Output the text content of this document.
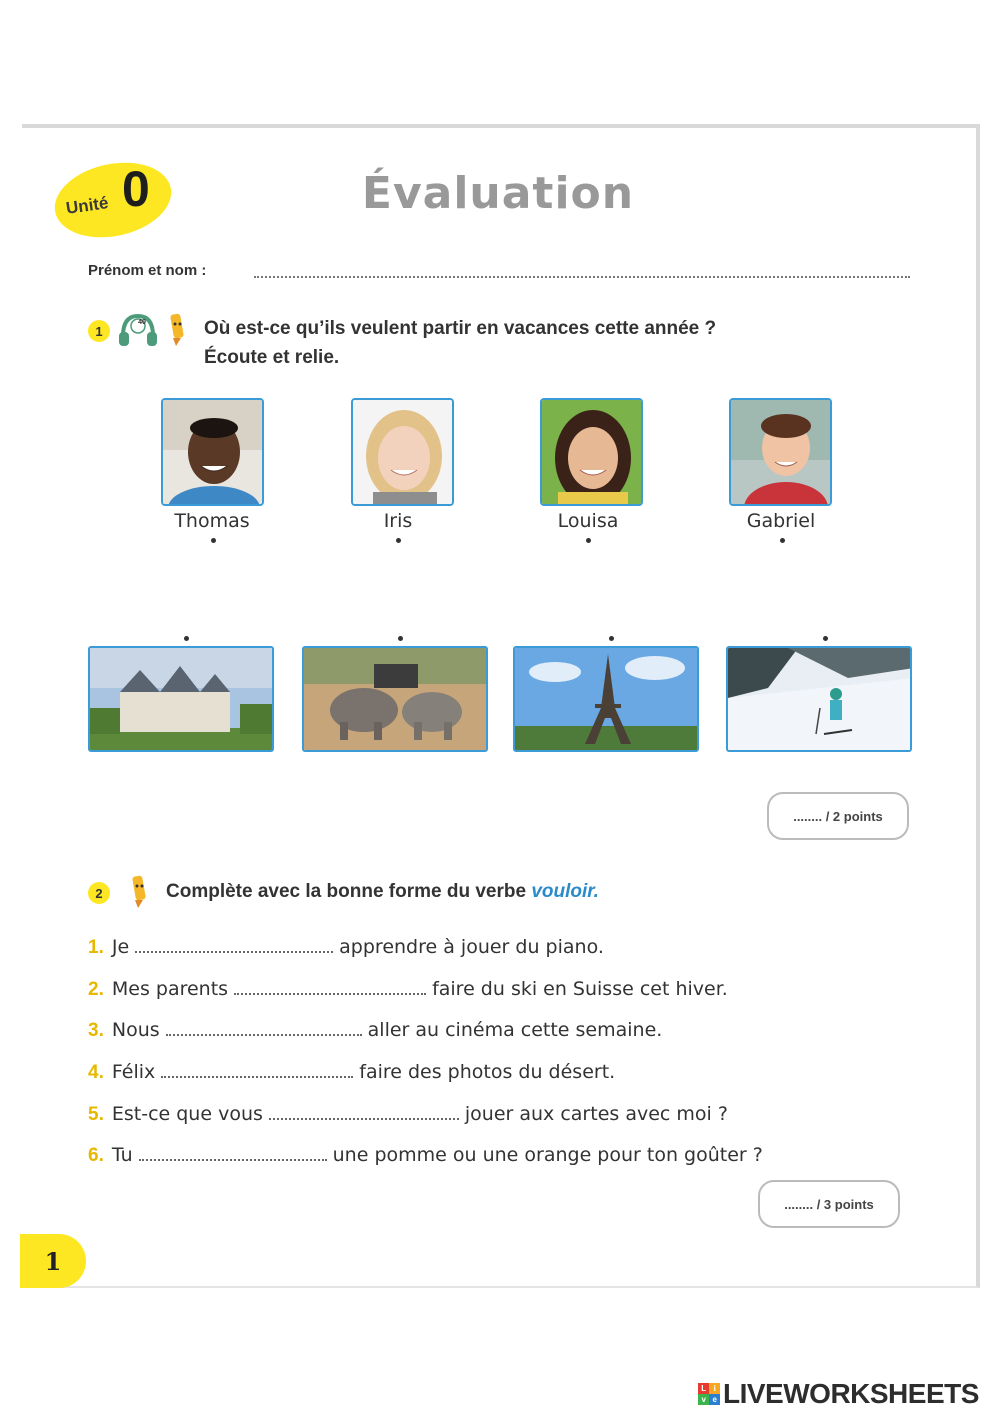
Unité 0	Évaluation
Prénom et nom :
1
40	Où est-ce qu’ils veulent partir en vacances cette année ?
Écoute et relie.
Thomas	Iris	Louisa	Gabriel
........ / 2 points
2	Complète avec la bonne forme du verbe vouloir.
1. Je	apprendre à jouer du piano.
2. Mes parents	faire du ski en Suisse cet hiver.
3. Nous	aller au cinéma cette semaine.
4. Félix	faire des photos du désert.
5. Est-ce que vous	jouer aux cartes avec moi ?
6. Tu	une pomme ou une orange pour ton goûter ?
........ / 3 points
1
L i
v e LIVEWORKSHEETS
